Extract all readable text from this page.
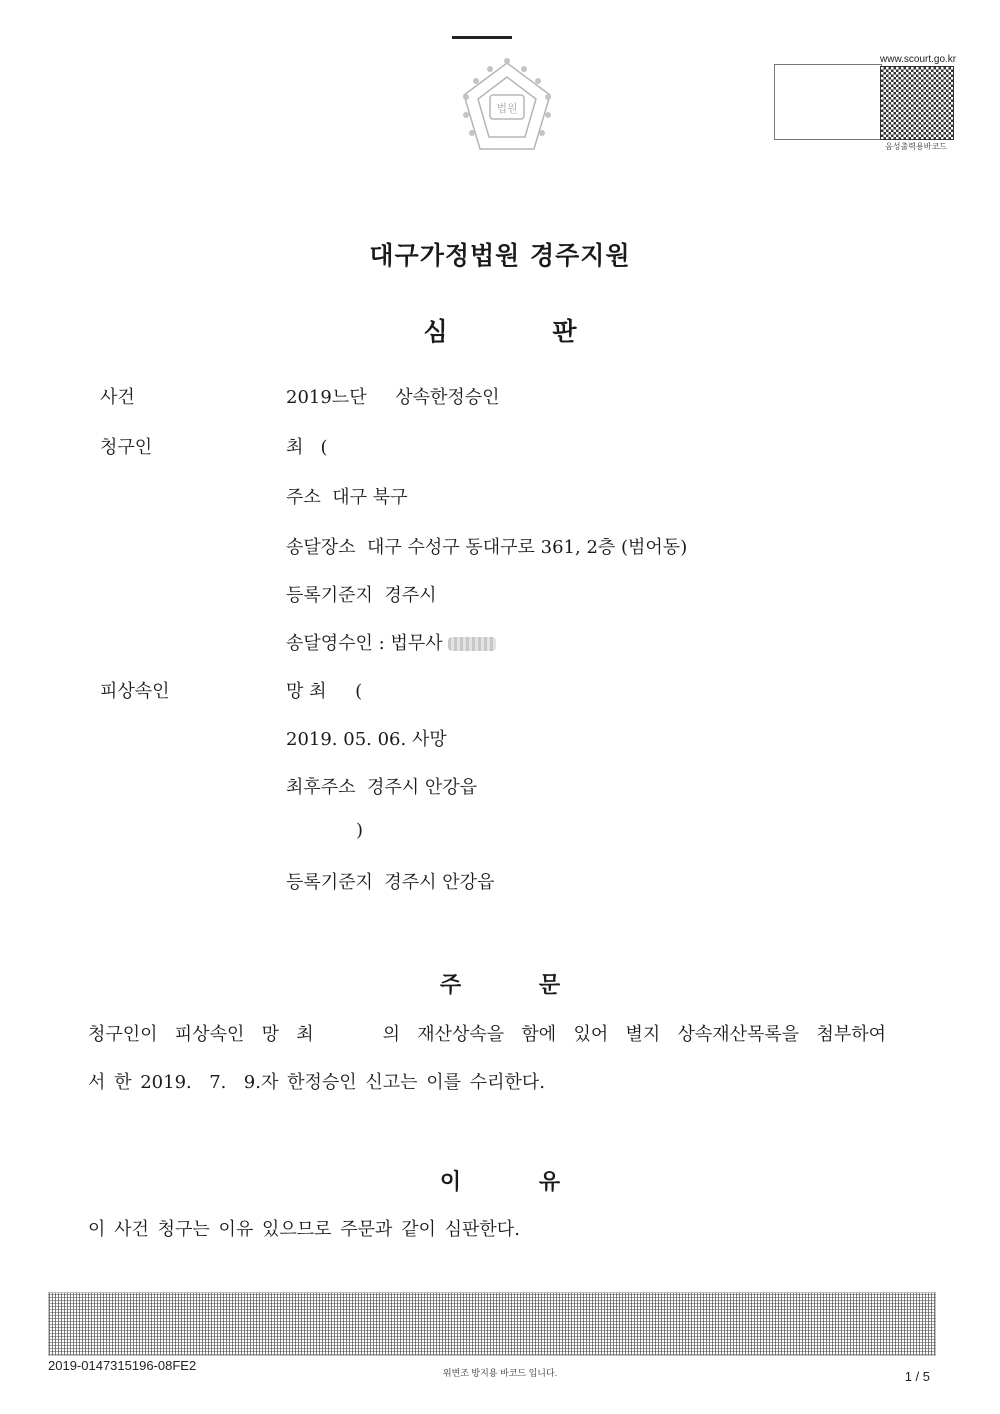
법원
www.scourt.go.kr
음성출력용바코드
대구가정법원 경주지원
심 판
사건	2019느단     상속한정승인
청구인	최   (
주소  대구 북구
송달장소  대구 수성구 동대구로 361, 2층 (범어동)
등록기준지  경주시
송달영수인 : 법무사
피상속인	망 최     (
2019. 05. 06. 사망
최후주소  경주시 안강읍
)
등록기준지  경주시 안강읍
주 문
청구인이 피상속인 망 최    의 재산상속을 함에 있어 별지 상속재산목록을 첨부하여
서 한 2019.  7.  9.자 한정승인 신고는 이를 수리한다.
이 유
이 사건 청구는 이유 있으므로 주문과 같이 심판한다.
2019-0147315196-08FE2	위변조 방지용 바코드 입니다.	1 / 5
